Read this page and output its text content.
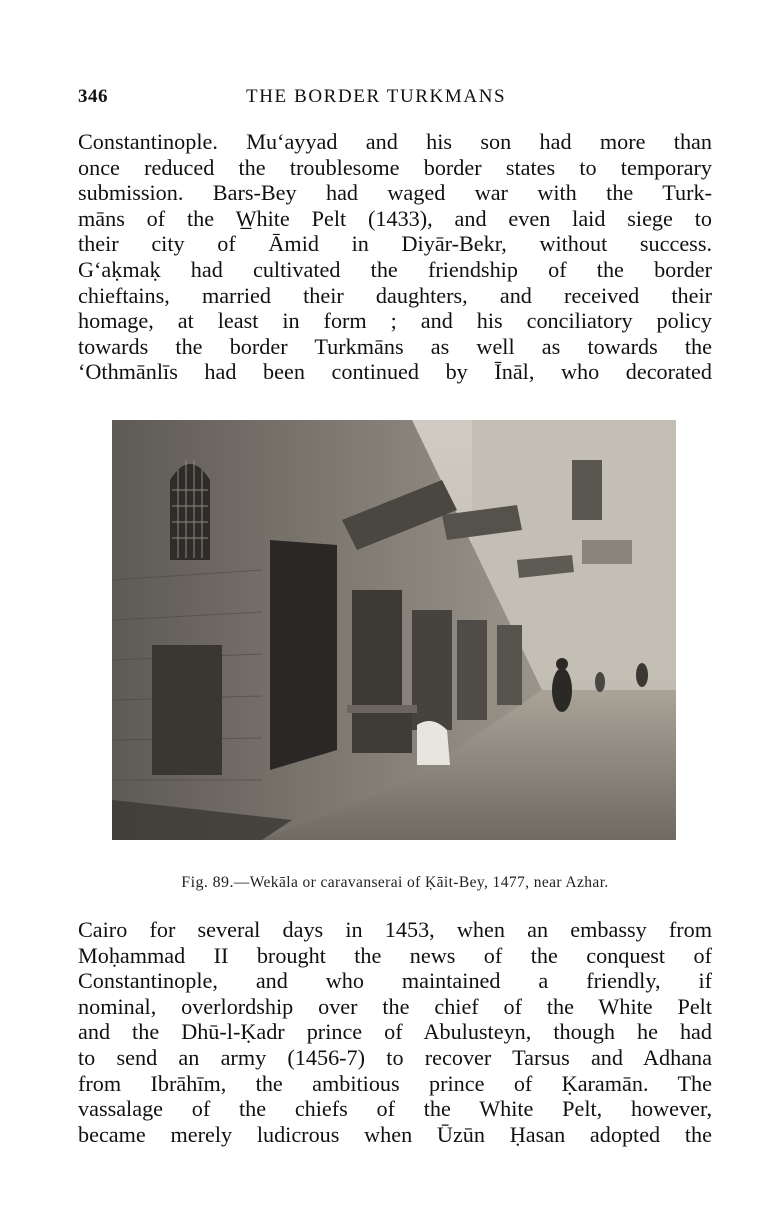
346	THE BORDER TURKMANS
Constantinople. Mu‘ayyad and his son had more than
once reduced the troublesome border states to temporary
submission. Bars-Bey had waged war with the Turk-
māns of the W̲hite Pelt (1433), and even laid siege to
their city of Āmid in Diyār-Bekr, without success.
G‘aḳmaḳ had cultivated the friendship of the border
chieftains, married their daughters, and received their
homage, at least in form ; and his conciliatory policy
towards the border Turkmāns as well as towards the
‘Othmānlīs had been continued by Īnāl, who decorated
Fig. 89.—Wekāla or caravanserai of Ḳāit-Bey, 1477, near Azhar.
Cairo for several days in 1453, when an embassy from
Moḥammad II brought the news of the conquest of
Constantinople, and who maintained a friendly, if
nominal, overlordship over the chief of the White Pelt
and the Dhū-l-Ḳadr prince of Abulusteyn, though he had
to send an army (1456-7) to recover Tarsus and Adhana
from Ibrāhīm, the ambitious prince of Ḳaramān. The
vassalage of the chiefs of the White Pelt, however,
became merely ludicrous when Ūzūn Ḥasan adopted the
